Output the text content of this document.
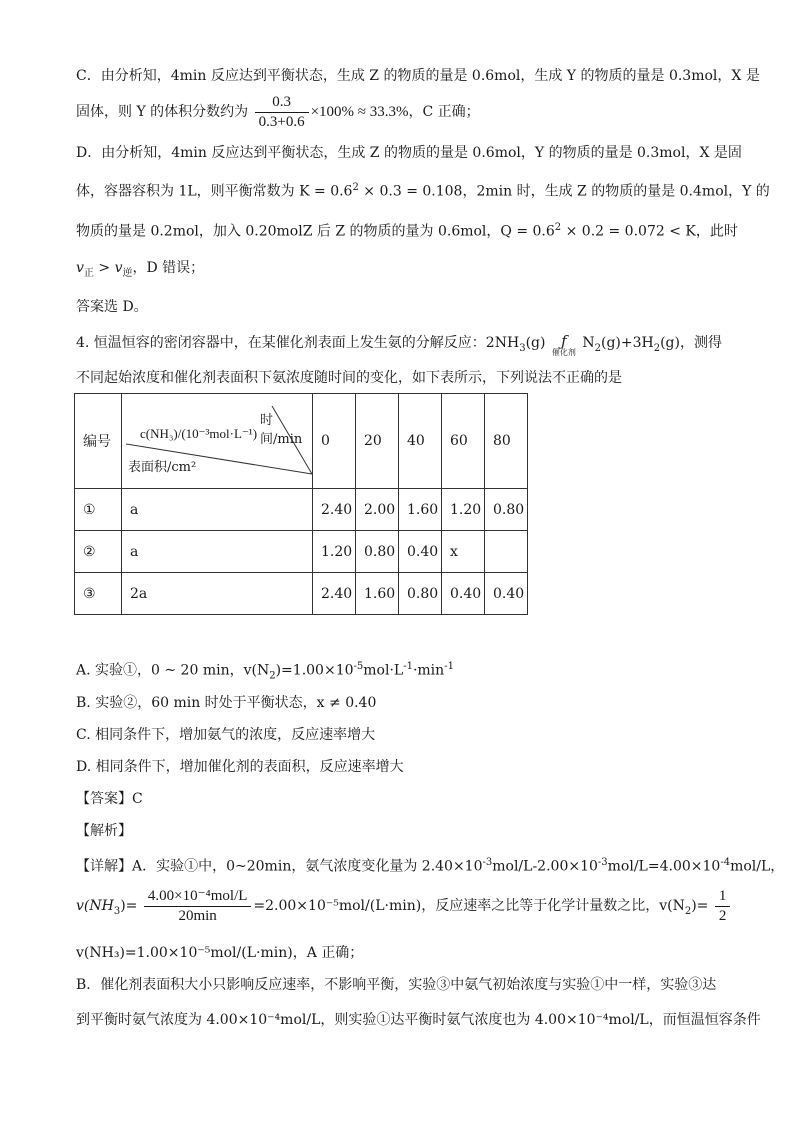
C．由分析知，4min 反应达到平衡状态，生成 Z 的物质的量是 0.6mol，生成 Y 的物质的量是 0.3mol，X 是
固体，则 Y 的体积分数约为 $\frac{0.3}{0.3+0.6} \times 100\% \approx 33.3\%$，C 正确；
D．由分析知，4min 反应达到平衡状态，生成 Z 的物质的量是 0.6mol，Y 的物质的量是 0.3mol，X 是固
体，容器容积为 1L，则平衡常数为 $K = 0.6^2 \times 0.3 = 0.108$，2min 时，生成 Z 的物质的量是 0.4mol，Y 的
物质的量是 0.2mol，加入 0.20molZ 后 Z 的物质的量为 0.6mol，$Q = 0.6^2 \times 0.2 = 0.072 < K$，此时
$v_正 > v_逆$，D 错误；
答案选 D。
4. 恒温恒容的密闭容器中，在某催化剂表面上发生氨的分解反应：$2NH_3(g)$	ƒ
催化剂
$N_2(g)+3H_2(g)$，测得
不同起始浓度和催化剂表面积下氨浓度随时间的变化，如下表所示，下列说法不正确的是
编号	时间/min
c(NH₃)/(10⁻³mol·L⁻¹)
表面积/cm²	0	20	40	60	80
①	a	2.40	2.00	1.60	1.20	0.80
②	a	1.20	0.80	0.40	x	
③	2a	2.40	1.60	0.80	0.40	0.40
A. 实验①，0 ~ 20 min，$v(N_2)=1.00\times 10^{-5}mol\cdot L^{-1}\cdot\min^{-1}$
B. 实验②，60 min 时处于平衡状态，x ≠ 0.40
C. 相同条件下，增加氨气的浓度，反应速率增大
D. 相同条件下，增加催化剂的表面积，反应速率增大
【答案】C
【解析】
【详解】A．实验①中，0~20min，氨气浓度变化量为 $2.40\times 10^{-3}mol/L-2.00\times 10^{-3}mol/L=4.00\times 10^{-4}mol/L$，
$v(NH_3)= \frac{\text{4.00×10⁻⁴mol/L}}{20\min} =2.00\times 10^{-5}mol/(L\cdot\min)$，反应速率之比等于化学计量数之比，$v(N_2)= \frac{1}{2}$
v(NH₃)=1.00×10⁻⁵mol/(L·min)，A 正确；
B．催化剂表面积大小只影响反应速率，不影响平衡，实验③中氨气初始浓度与实验①中一样，实验③达
到平衡时氨气浓度为 4.00×10⁻⁴mol/L，则实验①达平衡时氨气浓度也为 4.00×10⁻⁴mol/L，而恒温恒容条件
